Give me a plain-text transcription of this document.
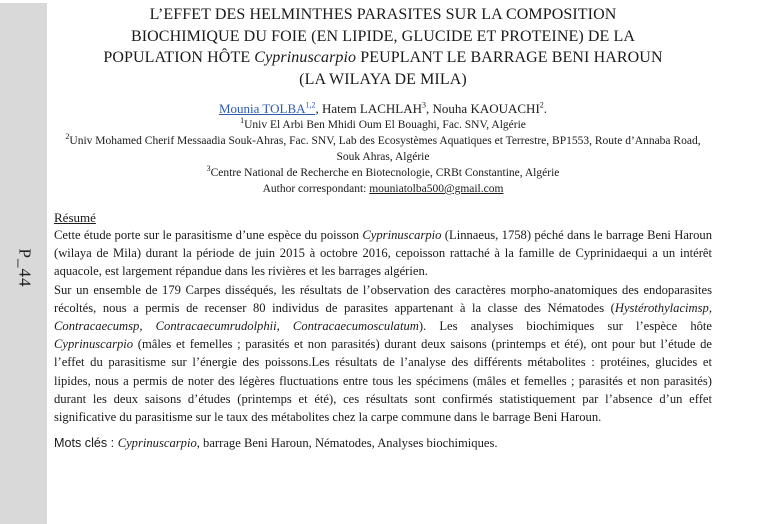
P_44
L’EFFET DES HELMINTHES PARASITES SUR LA COMPOSITION
BIOCHIMIQUE DU FOIE (EN LIPIDE, GLUCIDE ET PROTEINE) DE LA
POPULATION HÔTE Cyprinuscarpio PEUPLANT LE BARRAGE BENI HAROUN
(LA WILAYA DE MILA)
Mounia TOLBA$^{1,2}$, Hatem LACHLAH$^3$, Nouha KAOUACHI$^2$.
$^1$Univ El Arbi Ben Mhidi Oum El Bouaghi, Fac. SNV, Algérie
$^2$Univ Mohamed Cherif Messaadia Souk-Ahras, Fac. SNV, Lab des Ecosystèmes Aquatiques et Terrestre, BP1553, Route d’Annaba Road, Souk Ahras, Algérie
$^3$Centre National de Recherche en Biotecnologie, CRBt Constantine, Algérie
Author correspondant: mouniatolba500@gmail.com
Résumé

Cette étude porte sur le parasitisme d’une espèce du poisson Cyprinuscarpio (Linnaeus, 1758) péché dans le barrage Beni Haroun (wilaya de Mila) durant la période de juin 2015 à octobre 2016, cepoisson rattaché à la famille de Cyprinidaequi a un intérêt aquacole, est largement répandue dans les rivières et les barrages algérien.

Sur un ensemble de 179 Carpes disséqués, les résultats de l’observation des caractères morpho-anatomiques des endoparasites récoltés, nous a permis de recenser 80 individus de parasites appartenant à la classe des Nématodes (Hystérothylacimsp, Contracaecumsp, Contracaecumrudolphii, Contracaecumosculatum). Les analyses biochimiques sur l’espèce hôte Cyprinuscarpio (mâles et femelles ; parasités et non parasités) durant deux saisons (printemps et été), ont pour but l’étude de l’effet du parasitisme sur l’énergie des poissons.Les résultats de l’analyse des différents métabolites : protéines, glucides et lipides, nous a permis de noter des légères fluctuations entre tous les spécimens (mâles et femelles ; parasités et non parasités) durant les deux saisons d’études (printemps et été), ces résultats sont confirmés statistiquement par l’absence d’un effet significative du parasitisme sur le taux des métabolites chez la carpe commune dans le barrage Beni Haroun.

Mots clés : Cyprinuscarpio, barrage Beni Haroun, Nématodes, Analyses biochimiques.
